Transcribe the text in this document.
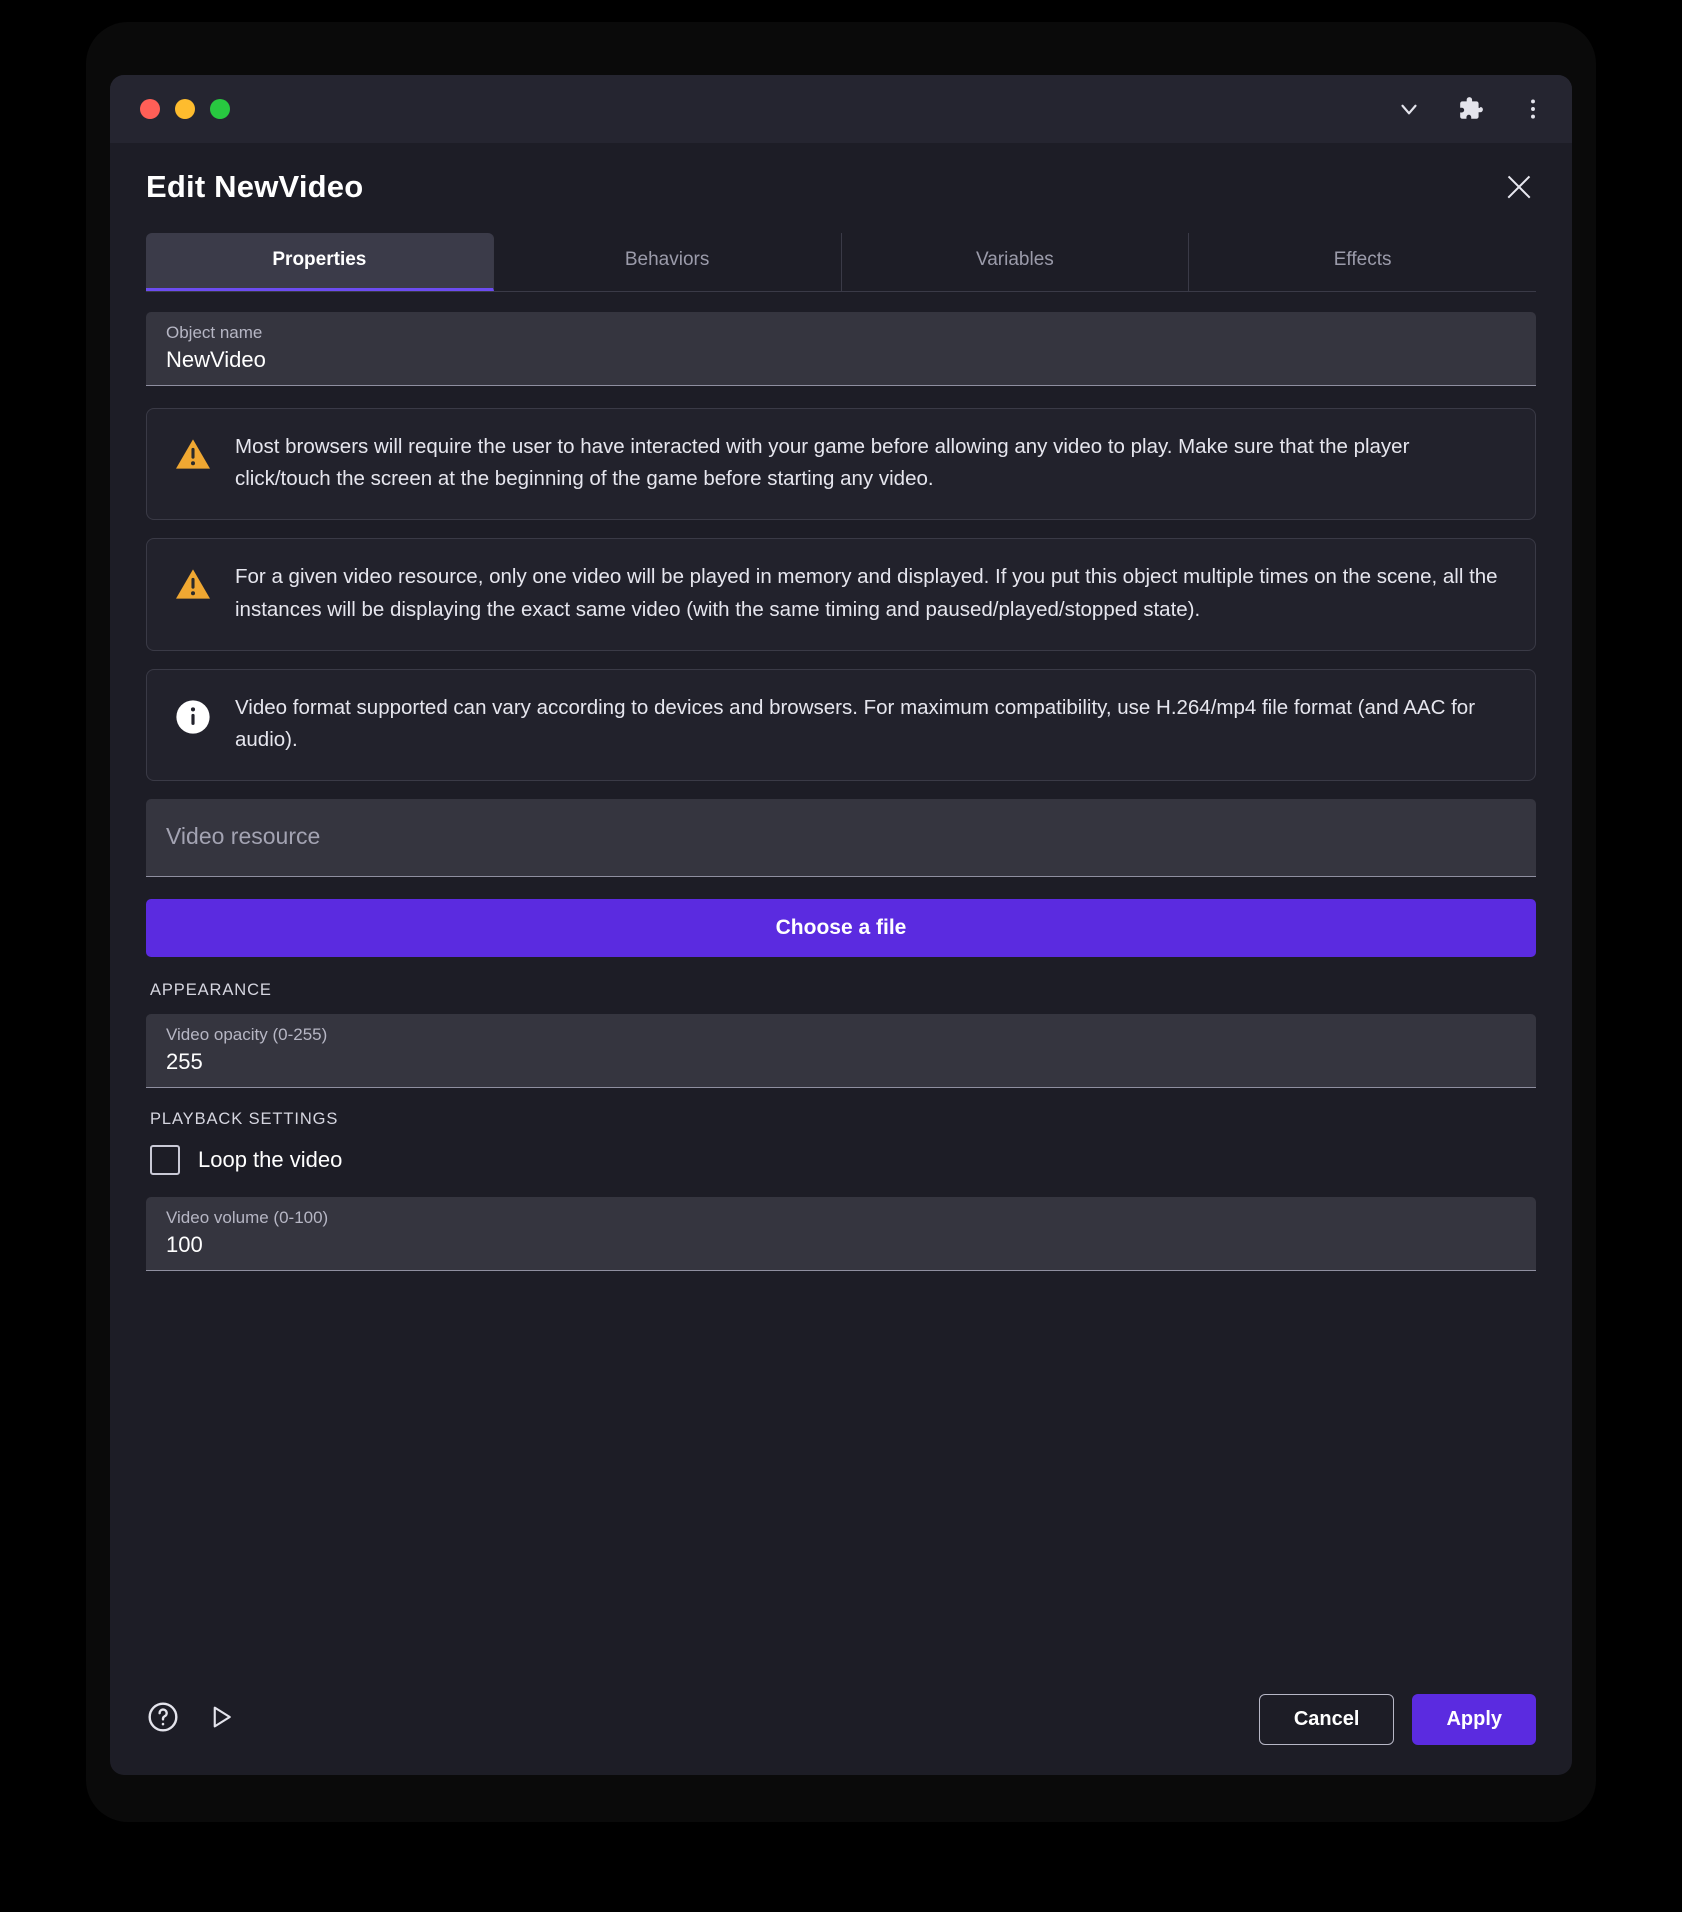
Edit NewVideo
Properties	Behaviors	Variables	Effects
Object name
NewVideo
Most browsers will require the user to have interacted with your game before allowing any video to play. Make sure that the player click/touch the screen at the beginning of the game before starting any video.
For a given video resource, only one video will be played in memory and displayed. If you put this object multiple times on the scene, all the instances will be displaying the exact same video (with the same timing and paused/played/stopped state).
Video format supported can vary according to devices and browsers. For maximum compatibility, use H.264/mp4 file format (and AAC for audio).
Video resource
Choose a file
APPEARANCE
Video opacity (0-255)
255
PLAYBACK SETTINGS
Loop the video
Video volume (0-100)
100
Cancel	Apply
